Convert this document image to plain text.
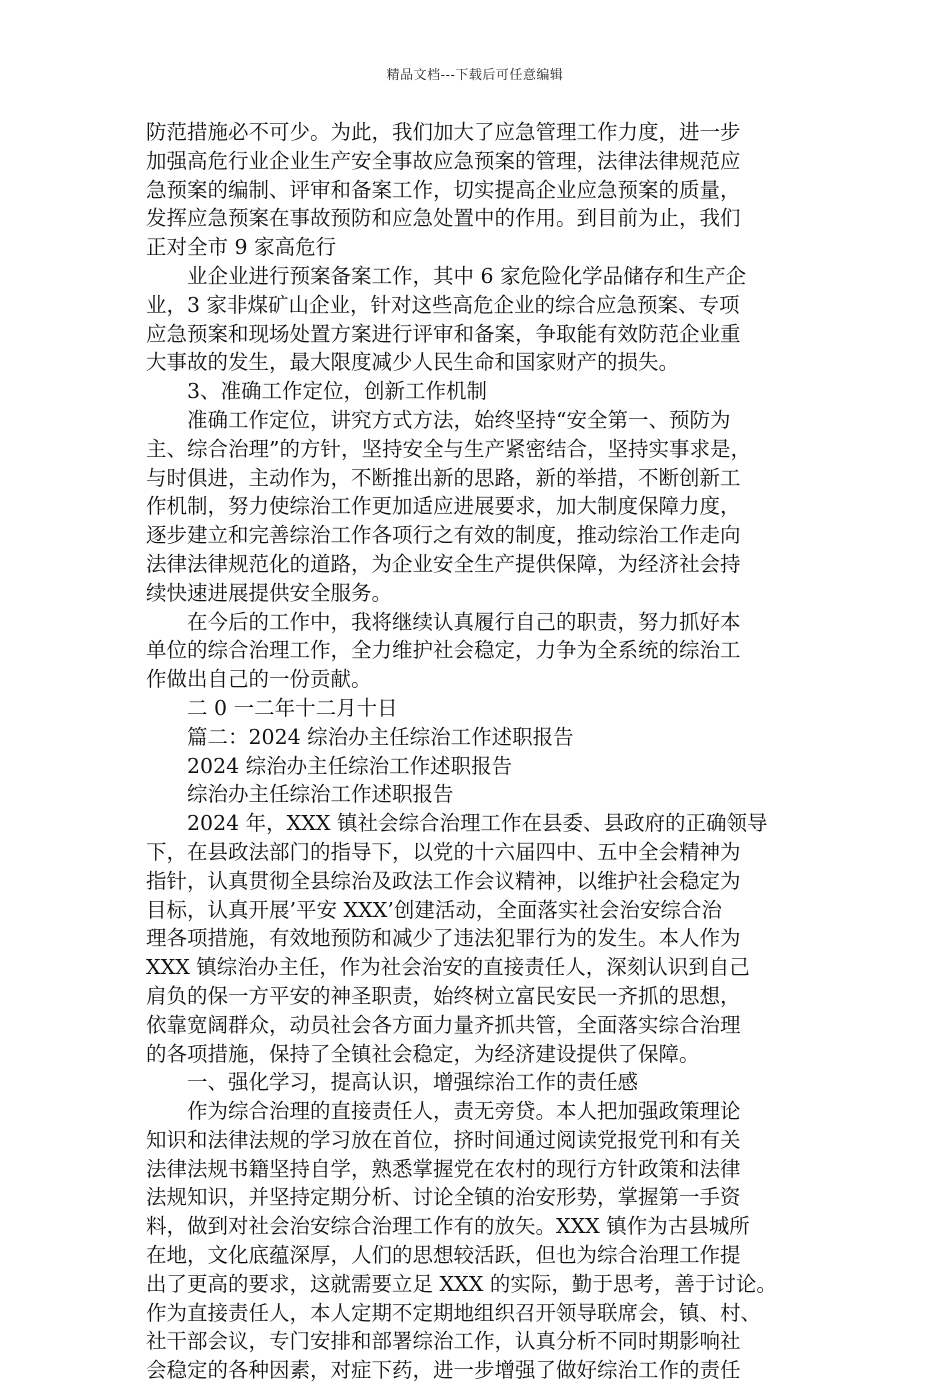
精品文档---下载后可任意编辑
防范措施必不可少。为此，我们加大了应急管理工作力度，进一步
加强高危行业企业生产安全事故应急预案的管理，法律法律规范应
急预案的编制、评审和备案工作，切实提高企业应急预案的质量，
发挥应急预案在事故预防和应急处置中的作用。到目前为止，我们
正对全市 9 家高危行
业企业进行预案备案工作，其中 6 家危险化学品储存和生产企
业，3 家非煤矿山企业，针对这些高危企业的综合应急预案、专项
应急预案和现场处置方案进行评审和备案，争取能有效防范企业重
大事故的发生，最大限度减少人民生命和国家财产的损失。
3、准确工作定位，创新工作机制
准确工作定位，讲究方式方法，始终坚持“安全第一、预防为
主、综合治理”的方针，坚持安全与生产紧密结合，坚持实事求是，
与时俱进，主动作为，不断推出新的思路，新的举措，不断创新工
作机制，努力使综治工作更加适应进展要求，加大制度保障力度，
逐步建立和完善综治工作各项行之有效的制度，推动综治工作走向
法律法律规范化的道路，为企业安全生产提供保障，为经济社会持
续快速进展提供安全服务。
在今后的工作中，我将继续认真履行自己的职责，努力抓好本
单位的综合治理工作，全力维护社会稳定，力争为全系统的综治工
作做出自己的一份贡献。
二 0 一二年十二月十日
篇二：2024 综治办主任综治工作述职报告
2024 综治办主任综治工作述职报告
综治办主任综治工作述职报告
2024 年，XXX 镇社会综合治理工作在县委、县政府的正确领导
下，在县政法部门的指导下，以党的十六届四中、五中全会精神为
指针，认真贯彻全县综治及政法工作会议精神，以维护社会稳定为
目标，认真开展’平安 XXX’创建活动，全面落实社会治安综合治
理各项措施，有效地预防和减少了违法犯罪行为的发生。本人作为
XXX 镇综治办主任，作为社会治安的直接责任人，深刻认识到自己
肩负的保一方平安的神圣职责，始终树立富民安民一齐抓的思想，
依靠宽阔群众，动员社会各方面力量齐抓共管，全面落实综合治理
的各项措施，保持了全镇社会稳定，为经济建设提供了保障。
一、强化学习，提高认识，增强综治工作的责任感
作为综合治理的直接责任人，责无旁贷。本人把加强政策理论
知识和法律法规的学习放在首位，挤时间通过阅读党报党刊和有关
法律法规书籍坚持自学，熟悉掌握党在农村的现行方针政策和法律
法规知识，并坚持定期分析、讨论全镇的治安形势，掌握第一手资
料，做到对社会治安综合治理工作有的放矢。XXX 镇作为古县城所
在地，文化底蕴深厚，人们的思想较活跃，但也为综合治理工作提
出了更高的要求，这就需要立足 XXX 的实际，勤于思考，善于讨论。
作为直接责任人，本人定期不定期地组织召开领导联席会，镇、村、
社干部会议，专门安排和部署综治工作，认真分析不同时期影响社
会稳定的各种因素，对症下药，进一步增强了做好综治工作的责任
